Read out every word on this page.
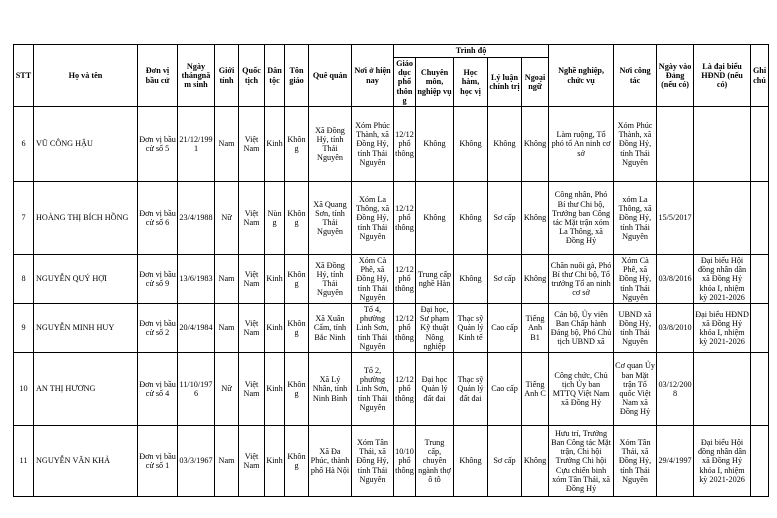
STT	Họ và tên	Đơn vị bầu cử	Ngày thángnăm sinh	Giới tính	Quốc tịch	Dân tộc	Tôn giáo	Quê quán	Nơi ở hiện nay	Trình độ					Nghề nghiệp, chức vụ	Nơi công tác	Ngày vào Đảng (nếu có)	Là đại biểu HĐND (nếu có)	Ghi chú
										Giáo dục phổ thông	Chuyên môn, nghiệp vụ	Học hàm, học vị	Lý luận chính trị	Ngoại ngữ					
6	VŨ CÔNG HẬU	Đơn vị bầu cử số 5	21/12/1991	Nam	Việt Nam	Kinh	Không	Xã Đồng Hỷ, tỉnh Thái Nguyên	Xóm Phúc Thành, xã Đồng Hỷ, tỉnh Thái Nguyên	12/12 phổ thông	Không	Không	Không	Không	Làm ruộng, Tổ phó tổ An ninh cơ sở	Xóm Phúc Thành, xã Đồng Hỷ, tỉnh Thái Nguyên			
7	HOÀNG THỊ BÍCH HỒNG	Đơn vị bầu cử số 6	23/4/1988	Nữ	Việt Nam	Nùng	Không	Xã Quang Sơn, tỉnh Thái Nguyên	Xóm La Thông, xã Đồng Hỷ, tỉnh Thái Nguyên	12/12 phổ thông	Không	Không	Sơ cấp	Không	Công nhân, Phó Bí thư Chi bộ, Trưởng ban Công tác Mặt trận xóm La Thông, xã Đồng Hỷ	xóm La Thông, xã Đồng Hỷ, tỉnh Thái Nguyên	15/5/2017		
8	NGUYỄN QUÝ HỢI	Đơn vị bầu cử số 9	13/6/1983	Nam	Việt Nam	Kinh	Không	Xã Đồng Hỷ, tỉnh Thái Nguyên	Xóm Cà Phê, xã Đồng Hỷ, tỉnh Thái Nguyên	12/12 phổ thông	Trung cấp nghề Hàn	Không	Sơ cấp	Không	Chăn nuôi gà, Phó Bí thư Chi bộ, Tổ trưởng Tổ an ninh cơ sở	Xóm Cà Phê, xã Đồng Hỷ, tỉnh Thái Nguyên	03/8/2016	Đại biểu Hội đồng nhân dân xã Đồng Hỷ khóa I, nhiệm kỳ 2021-2026	
9	NGUYỄN MINH HUY	Đơn vị bầu cử số 2	20/4/1984	Nam	Việt Nam	Kinh	Không	Xã Xuân Cẩm, tỉnh Bắc Ninh	Tổ 4, phường Linh Sơn, tỉnh Thái Nguyên	12/12 phổ thông	Đại học, Sư phạm Kỹ thuật Nông nghiệp	Thạc sỹ Quản lý Kinh tế	Cao cấp	Tiếng Anh B1	Cán bộ, Ủy viên Ban Chấp hành Đảng bộ, Phó Chủ tịch UBND xã	UBND xã Đồng Hỷ, tỉnh Thái Nguyên	03/8/2010	Đại biểu HĐND xã Đồng Hỷ khóa I, nhiệm kỳ 2021-2026	
10	AN THỊ HƯƠNG	Đơn vị bầu cử số 4	11/10/1976	Nữ	Việt Nam	Kinh	Không	Xã Lý Nhân, tỉnh Ninh Bình	Tổ 2, phường Linh Sơn, tỉnh Thái Nguyên	12/12 phổ thông	Đại học Quản lý đất đai	Thạc sỹ Quản lý đất đai	Cao cấp	Tiếng Anh C	Công chức, Chủ tịch Ủy ban MTTQ Việt Nam xã Đồng Hỷ	Cơ quan Ủy ban Mặt trận Tổ quốc Việt Nam xã Đồng Hỷ	03/12/2008		
11	NGUYỄN VĂN KHẢ	Đơn vị bầu cử số 1	03/3/1967	Nam	Việt Nam	Kinh	Không	Xã Đa Phúc, thành phố Hà Nội	Xóm Tân Thái, xã Đồng Hỷ, tỉnh Thái Nguyên	10/10 phổ thông	Trung cấp, chuyên ngành thợ ô tô	Không	Sơ cấp	Không	Hưu trí, Trưởng Ban Công tác Mặt trận, Chi hội Trưởng Chi hội Cựu chiến binh xóm Tân Thái, xã Đồng Hỷ	Xóm Tân Thái, xã Đồng Hỷ, tỉnh Thái Nguyên	29/4/1997	Đại biểu Hội đồng nhân dân xã Đồng Hỷ khóa I, nhiệm kỳ 2021-2026	
